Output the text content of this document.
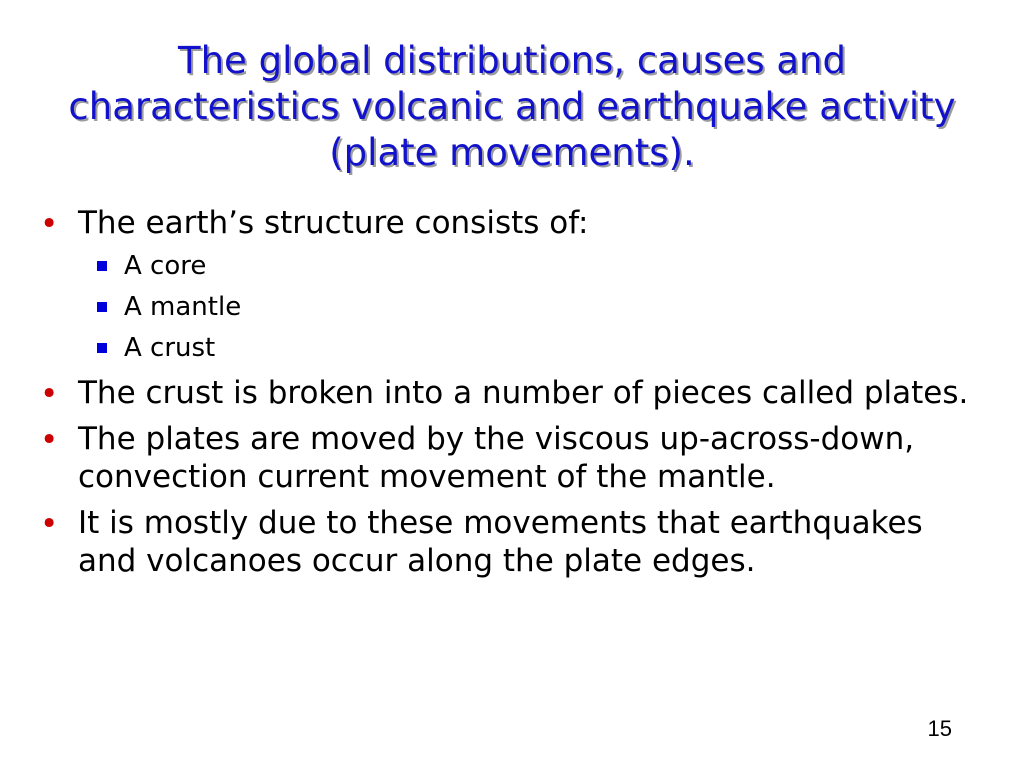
The global distributions, causes and characteristics volcanic and earthquake activity (plate movements).
• The earth’s structure consists of:
A core
A mantle
A crust
• The crust is broken into a number of pieces called plates.
• The plates are moved by the viscous up-across-down, convection current movement of the mantle.
• It is mostly due to these movements that earthquakes and volcanoes occur along the plate edges.
15
